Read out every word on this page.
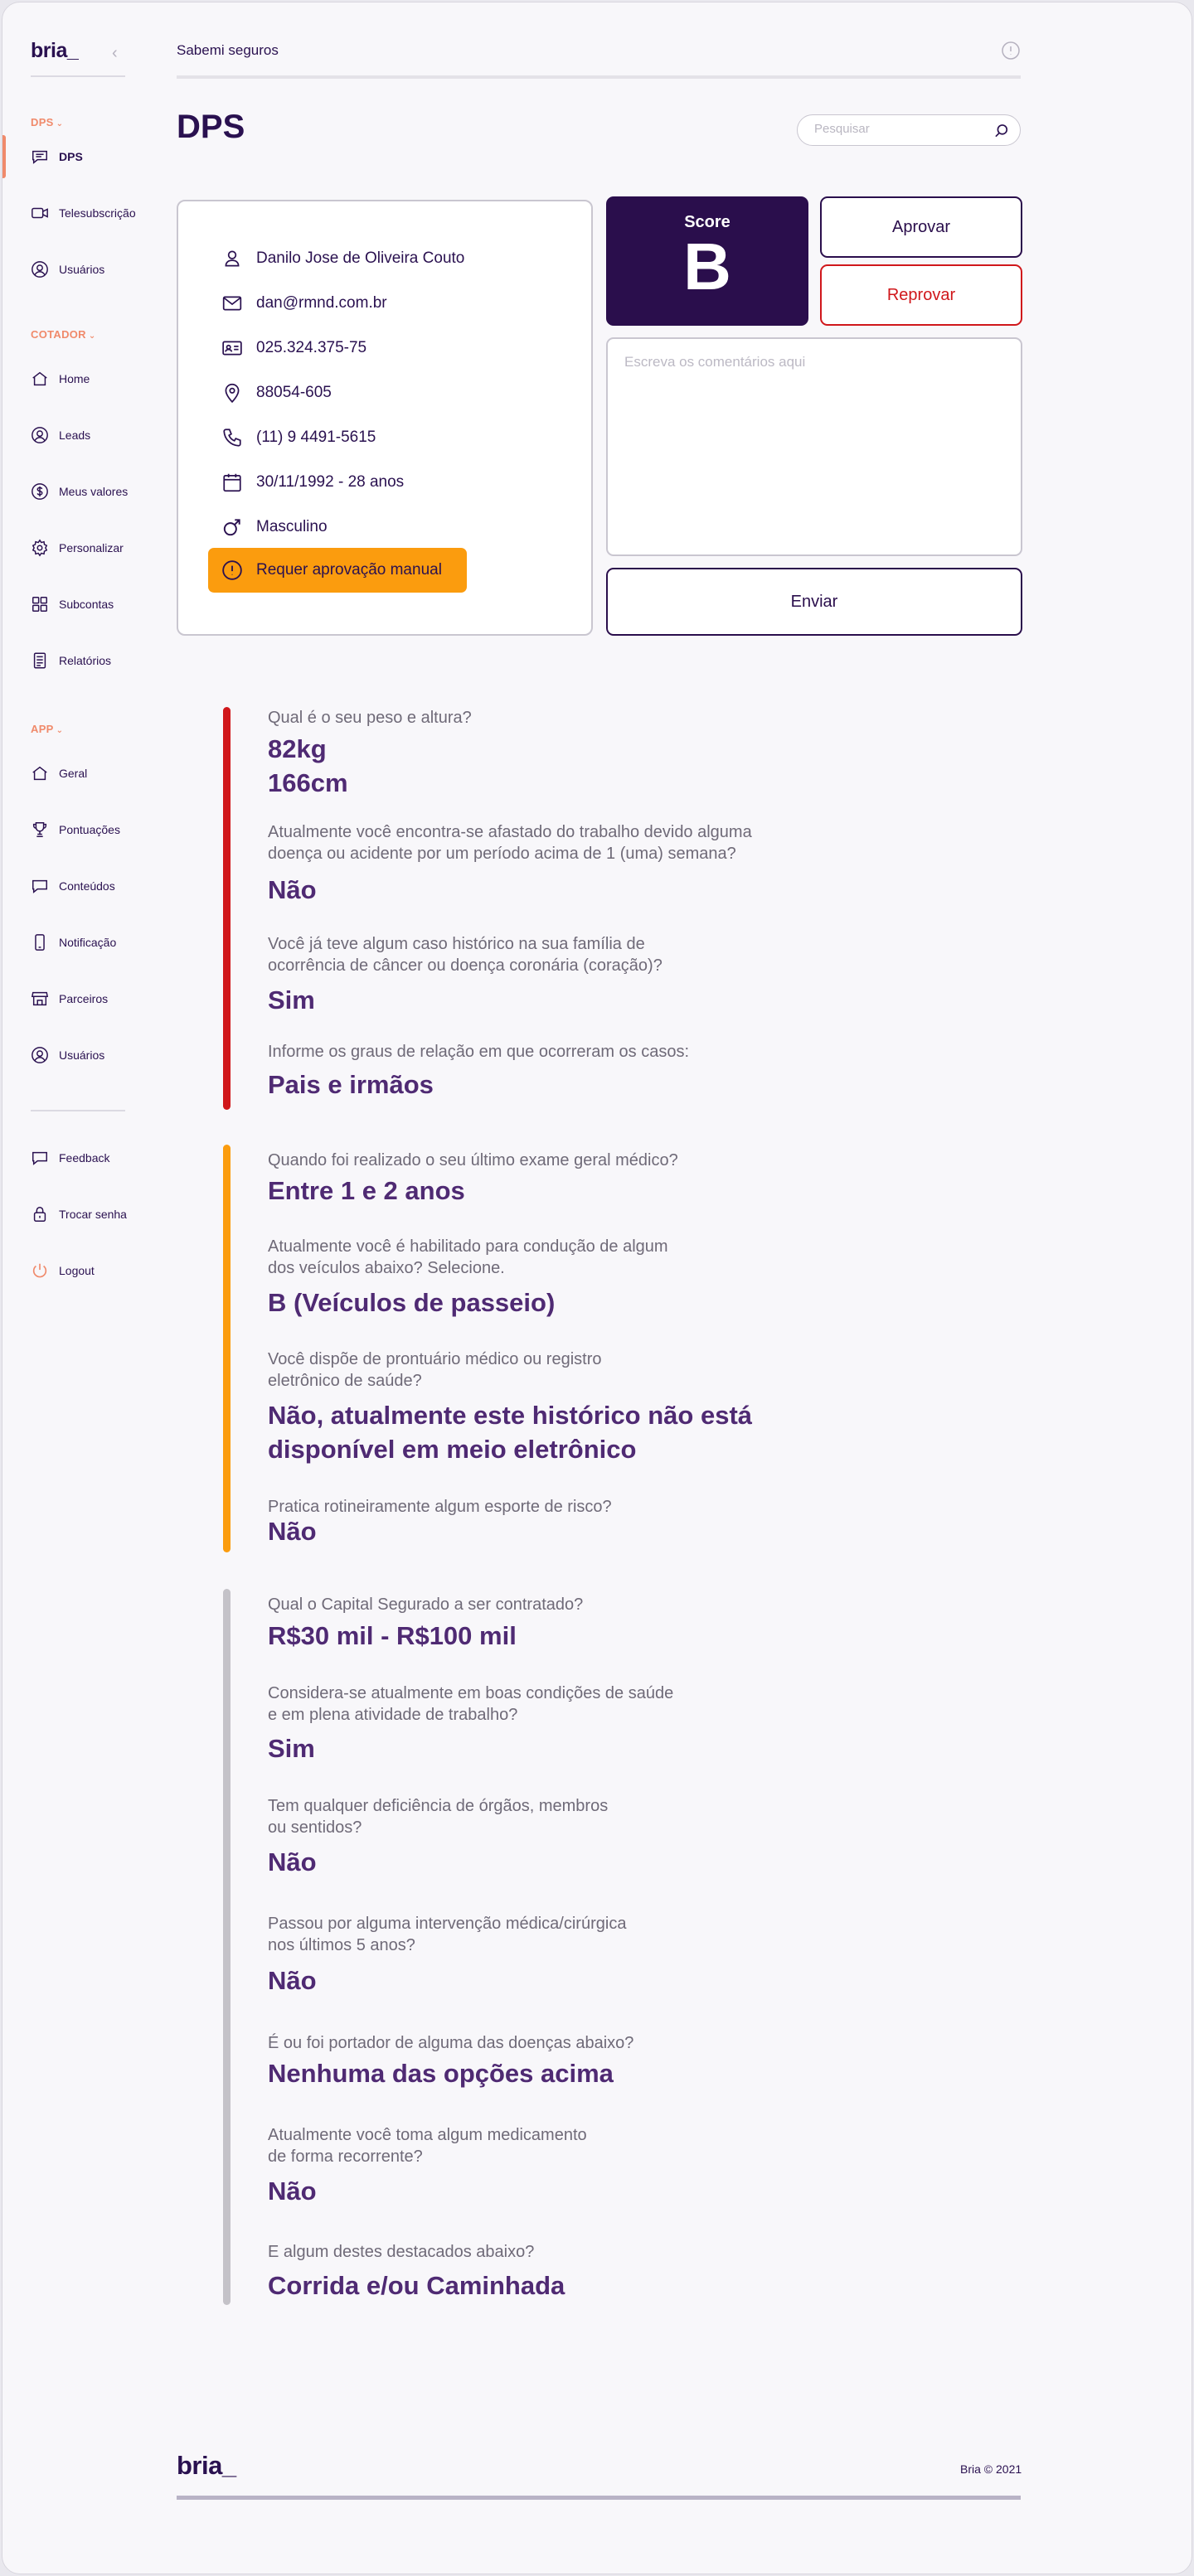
bria_ ‹
DPS ⌄
DPS
Telesubscrição
Usuários
COTADOR ⌄
Home
Leads
Meus valores
Personalizar
Subcontas
Relatórios
APP ⌄
Geral
Pontuações
Conteúdos
Notificação
Parceiros
Usuários
Feedback
Trocar senha
Logout
Sabemi seguros
DPS
Pesquisar
Danilo Jose de Oliveira Couto
dan@rmnd.com.br
025.324.375-75
88054-605
(11) 9 4491-5615
30/11/1992 - 28 anos
Masculino
Requer aprovação manual
Score
B
Aprovar
Reprovar
Escreva os comentários aqui
Enviar
Qual é o seu peso e altura?
82kg
166cm
Atualmente você encontra-se afastado do trabalho devido alguma
doença ou acidente por um período acima de 1 (uma) semana?
Não
Você já teve algum caso histórico na sua família de
ocorrência de câncer ou doença coronária (coração)?
Sim
Informe os graus de relação em que ocorreram os casos:
Pais e irmãos
Quando foi realizado o seu último exame geral médico?
Entre 1 e 2 anos
Atualmente você é habilitado para condução de algum
dos veículos abaixo? Selecione.
B (Veículos de passeio)
Você dispõe de prontuário médico ou registro
eletrônico de saúde?
Não, atualmente este histórico não está
disponível em meio eletrônico
Pratica rotineiramente algum esporte de risco?
Não
Qual o Capital Segurado a ser contratado?
R$30 mil - R$100 mil
Considera-se atualmente em boas condições de saúde
e em plena atividade de trabalho?
Sim
Tem qualquer deficiência de órgãos, membros
ou sentidos?
Não
Passou por alguma intervenção médica/cirúrgica
nos últimos 5 anos?
Não
É ou foi portador de alguma das doenças abaixo?
Nenhuma das opções acima
Atualmente você toma algum medicamento
de forma recorrente?
Não
E algum destes destacados abaixo?
Corrida e/ou Caminhada
bria_	Bria © 2021
